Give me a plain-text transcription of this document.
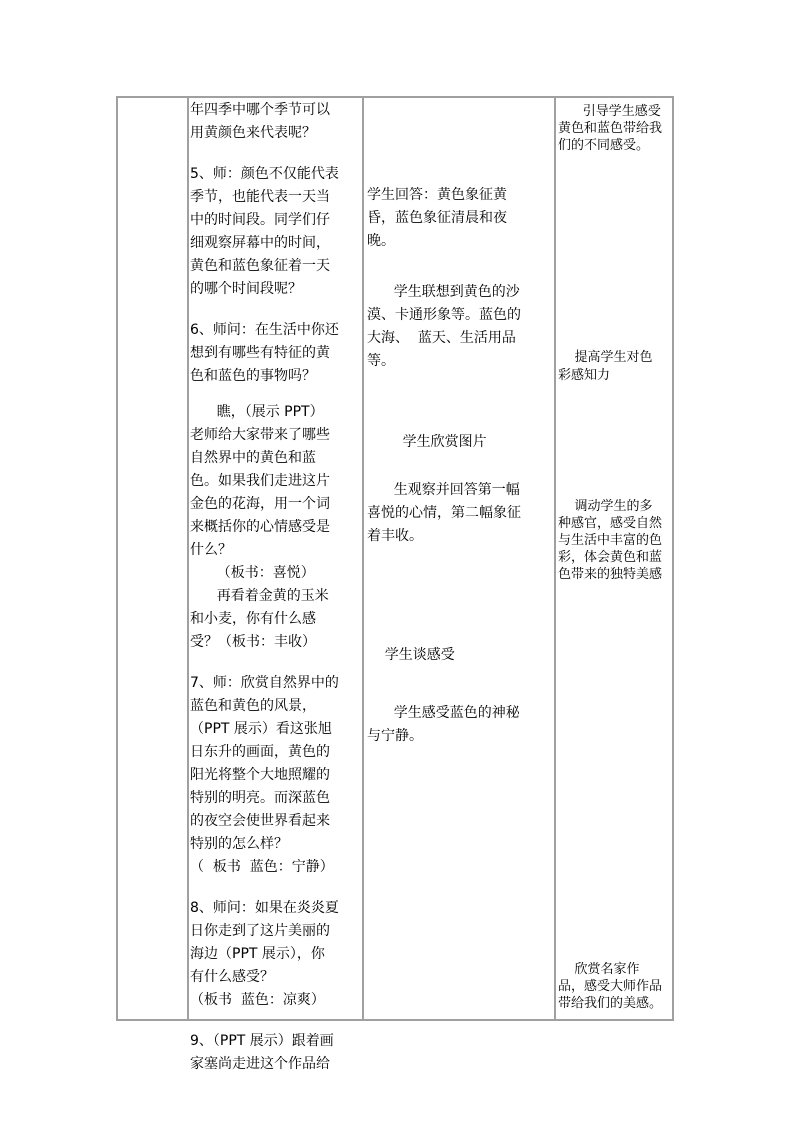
年四季中哪个季节可以

用黄颜色来代表呢？

5、师：颜色不仅能代表

季节，也能代表一天当

中的时间段。同学们仔

细观察屏幕中的时间，

黄色和蓝色象征着一天

的哪个时间段呢？

6、师问：在生活中你还

想到有哪些有特征的黄

色和蓝色的事物吗？

瞧，（展示 PPT）

老师给大家带来了哪些

自然界中的黄色和蓝

色。如果我们走进这片

金色的花海，用一个词

来概括你的心情感受是

什么？

（板书：喜悦）

再看着金黄的玉米

和小麦，你有什么感

受？（板书：丰收）

7、师：欣赏自然界中的

蓝色和黄色的风景，

（PPT 展示）看这张旭

日东升的画面，黄色的

阳光将整个大地照耀的

特别的明亮。而深蓝色

的夜空会使世界看起来

特别的怎么样？

（  板书  蓝色：宁静）

8、师问：如果在炎炎夏

日你走到了这片美丽的

海边（PPT 展示），你

有什么感受？

（板书  蓝色：凉爽）

9、（PPT 展示）跟着画

家塞尚走进这个作品给

学生回答：黄色象征黄

昏，蓝色象征清晨和夜

晚。

学生联想到黄色的沙

漠、卡通形象等。蓝色的

大海、  蓝天、生活用品

等。

学生欣赏图片

生观察并回答第一幅

喜悦的心情，第二幅象征

着丰收。

学生谈感受

学生感受蓝色的神秘

与宁静。

引导学生感受

黄色和蓝色带给我

们的不同感受。

提高学生对色

彩感知力

调动学生的多

种感官，感受自然

与生活中丰富的色

彩，体会黄色和蓝

色带来的独特美感

欣赏名家作

品，感受大师作品

带给我们的美感。
